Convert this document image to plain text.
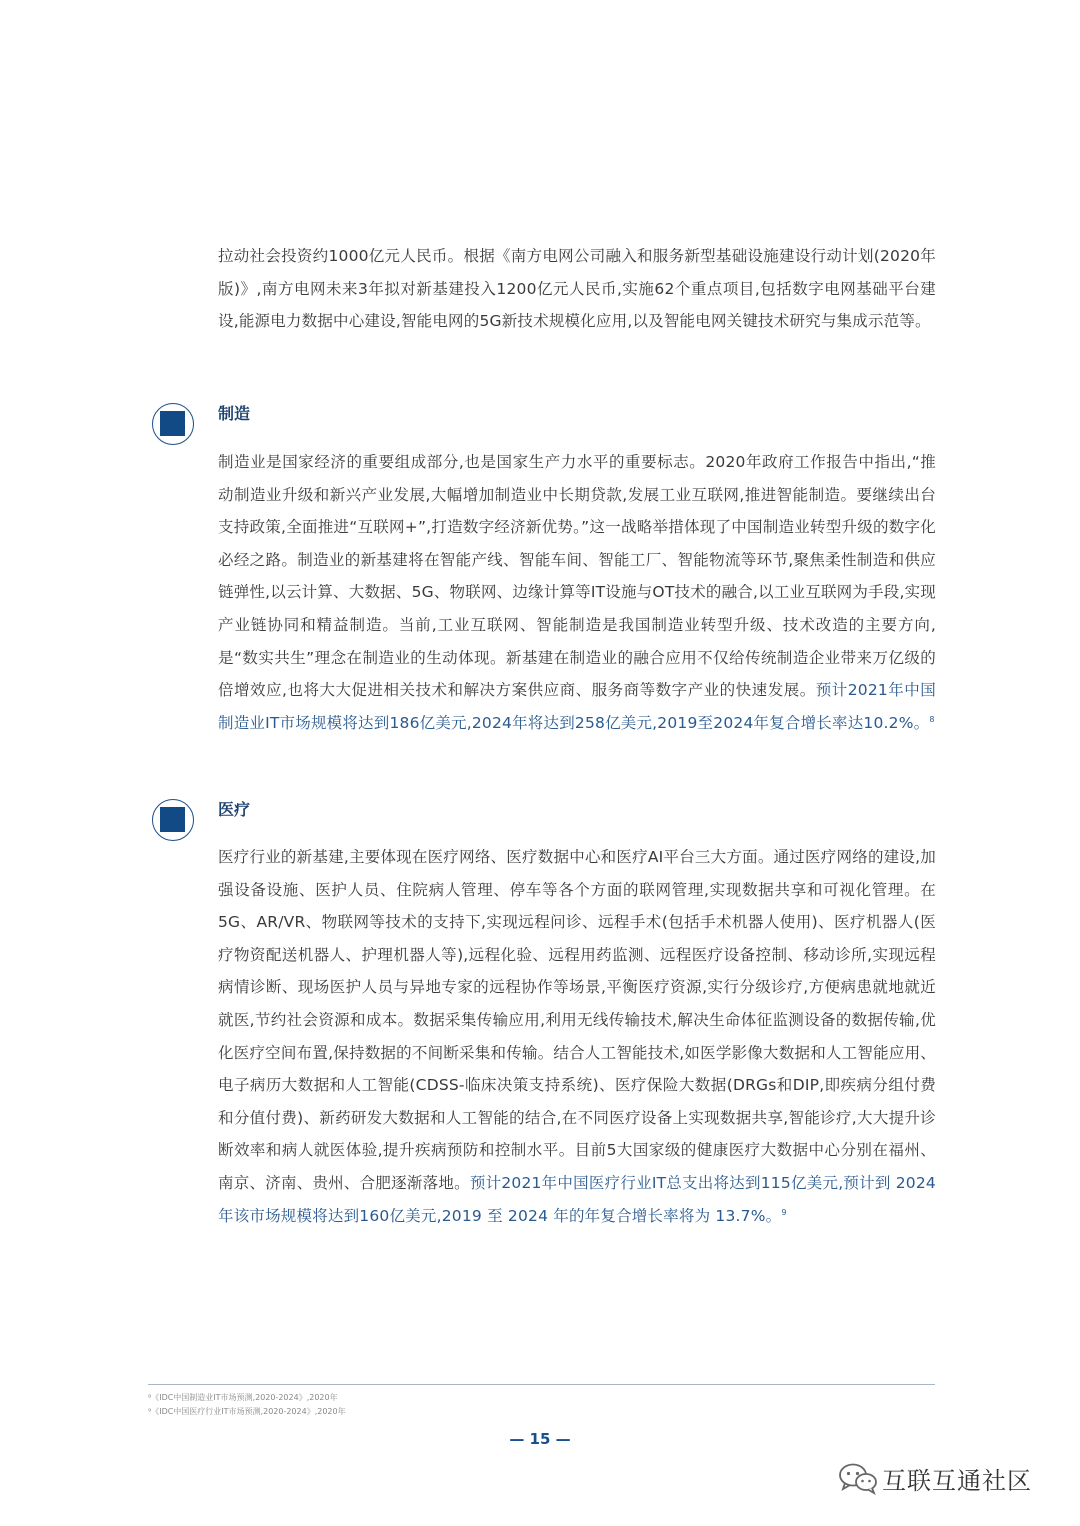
拉动社会投资约1000亿元人民币。根据《南方电网公司融入和服务新型基础设施建设行动计划(2020年版)》,南方电网未来3年拟对新基建投入1200亿元人民币,实施62个重点项目,包括数字电网基础平台建设,能源电力数据中心建设,智能电网的5G新技术规模化应用,以及智能电网关键技术研究与集成示范等。

制造

制造业是国家经济的重要组成部分,也是国家生产力水平的重要标志。2020年政府工作报告中指出,“推动制造业升级和新兴产业发展,大幅增加制造业中长期贷款,发展工业互联网,推进智能制造。要继续出台支持政策,全面推进“互联网+”,打造数字经济新优势。”这一战略举措体现了中国制造业转型升级的数字化必经之路。制造业的新基建将在智能产线、智能车间、智能工厂、智能物流等环节,聚焦柔性制造和供应链弹性,以云计算、大数据、5G、物联网、边缘计算等IT设施与OT技术的融合,以工业互联网为手段,实现产业链协同和精益制造。当前,工业互联网、智能制造是我国制造业转型升级、技术改造的主要方向,是“数实共生”理念在制造业的生动体现。新基建在制造业的融合应用不仅给传统制造企业带来万亿级的倍增效应,也将大大促进相关技术和解决方案供应商、服务商等数字产业的快速发展。预计2021年中国制造业IT市场规模将达到186亿美元,2024年将达到258亿美元,2019至2024年复合增长率达10.2%。$^8$

医疗

医疗行业的新基建,主要体现在医疗网络、医疗数据中心和医疗AI平台三大方面。通过医疗网络的建设,加强设备设施、医护人员、住院病人管理、停车等各个方面的联网管理,实现数据共享和可视化管理。在5G、AR/VR、物联网等技术的支持下,实现远程问诊、远程手术(包括手术机器人使用)、医疗机器人(医疗物资配送机器人、护理机器人等),远程化验、远程用药监测、远程医疗设备控制、移动诊所,实现远程病情诊断、现场医护人员与异地专家的远程协作等场景,平衡医疗资源,实行分级诊疗,方便病患就地就近就医,节约社会资源和成本。数据采集传输应用,利用无线传输技术,解决生命体征监测设备的数据传输,优化医疗空间布置,保持数据的不间断采集和传输。结合人工智能技术,如医学影像大数据和人工智能应用、电子病历大数据和人工智能(CDSS-临床决策支持系统)、医疗保险大数据(DRGs和DIP,即疾病分组付费和分值付费)、新药研发大数据和人工智能的结合,在不同医疗设备上实现数据共享,智能诊疗,大大提升诊断效率和病人就医体验,提升疾病预防和控制水平。目前5大国家级的健康医疗大数据中心分别在福州、南京、济南、贵州、合肥逐渐落地。预计2021年中国医疗行业IT总支出将达到115亿美元,预计到 2024 年该市场规模将达到160亿美元,2019 至 2024 年的年复合增长率将为 13.7%。$^9$

⁸《IDC中国制造业IT市场预测,2020-2024》,2020年
⁹《IDC中国医疗行业IT市场预测,2020-2024》,2020年
— 15 —
互联互通社区
